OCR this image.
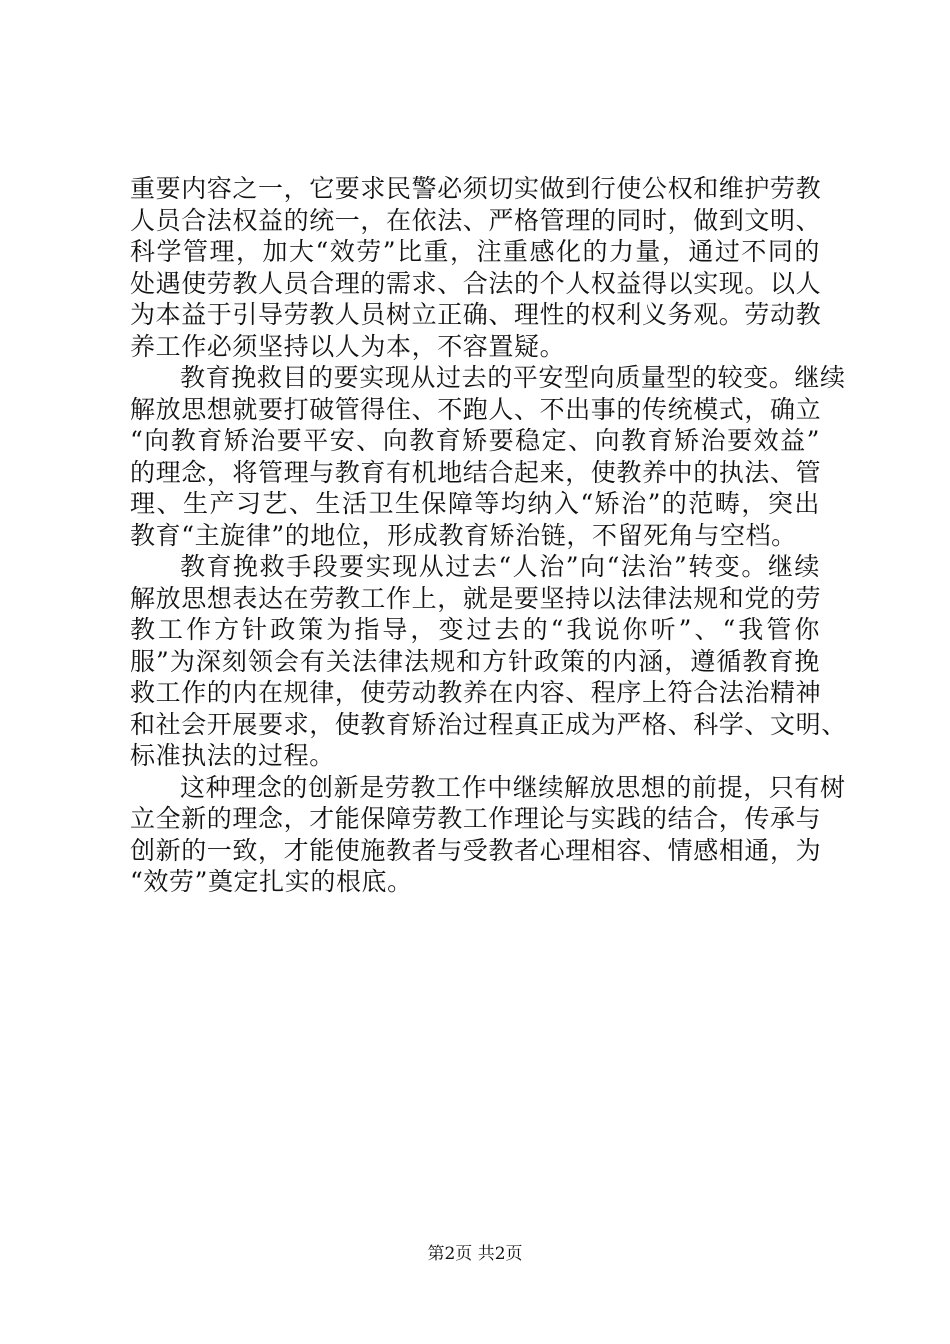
重要内容之一，它要求民警必须切实做到行使公权和维护劳教
人员合法权益的统一，在依法、严格管理的同时，做到文明、
科学管理，加大“效劳”比重，注重感化的力量，通过不同的
处遇使劳教人员合理的需求、合法的个人权益得以实现。以人
为本益于引导劳教人员树立正确、理性的权利义务观。劳动教
养工作必须坚持以人为本，不容置疑。
教育挽救目的要实现从过去的平安型向质量型的较变。继续
解放思想就要打破管得住、不跑人、不出事的传统模式，确立
“向教育矫治要平安、向教育矫要稳定、向教育矫治要效益”
的理念，将管理与教育有机地结合起来，使教养中的执法、管
理、生产习艺、生活卫生保障等均纳入“矫治”的范畴，突出
教育“主旋律”的地位，形成教育矫治链，不留死角与空档。
教育挽救手段要实现从过去“人治”向“法治”转变。继续
解放思想表达在劳教工作上，就是要坚持以法律法规和党的劳
教工作方针政策为指导，变过去的“我说你听”、“我管你
服”为深刻领会有关法律法规和方针政策的内涵，遵循教育挽
救工作的内在规律，使劳动教养在内容、程序上符合法治精神
和社会开展要求，使教育矫治过程真正成为严格、科学、文明、
标准执法的过程。
这种理念的创新是劳教工作中继续解放思想的前提，只有树
立全新的理念，才能保障劳教工作理论与实践的结合，传承与
创新的一致，才能使施教者与受教者心理相容、情感相通，为
“效劳”奠定扎实的根底。
第2页 共2页
